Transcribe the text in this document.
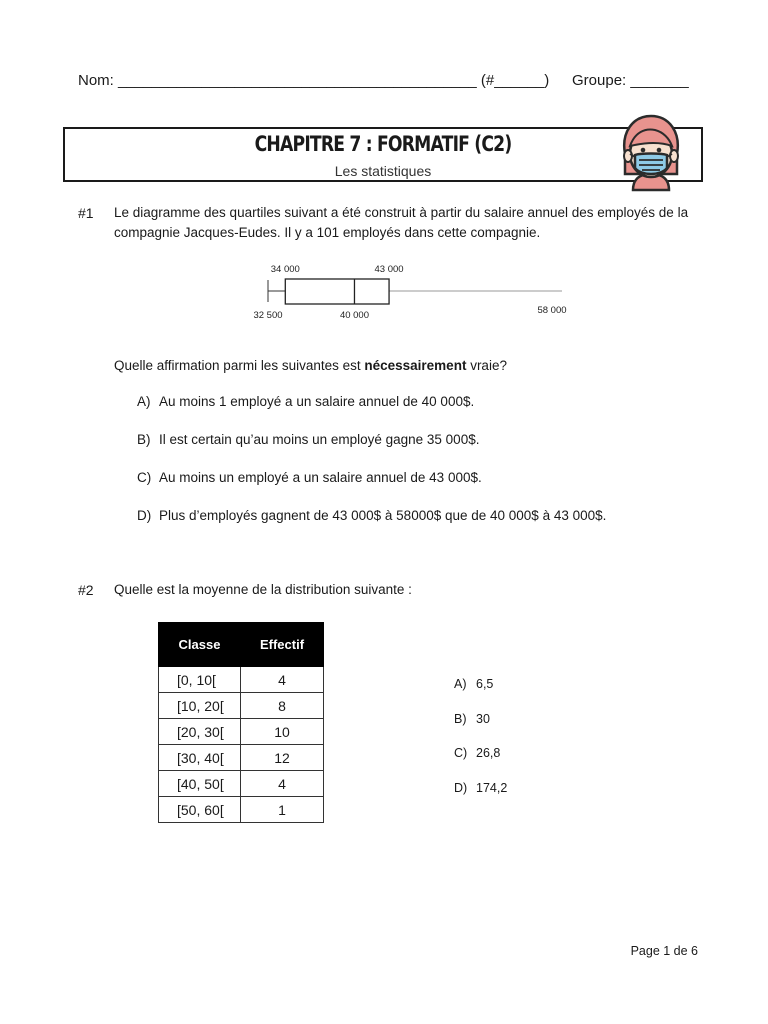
Nom: ___________________________________________ (#______) Groupe: _______
CHAPITRE 7 : FORMATIF (C2)
Les statistiques
#1 Le diagramme des quartiles suivant a été construit à partir du salaire annuel des employés de la compagnie Jacques-Eudes. Il y a 101 employés dans cette compagnie.
34 000	43 000
32 500	40 000	58 000
Quelle affirmation parmi les suivantes est nécessairement vraie?
A) Au moins 1 employé a un salaire annuel de 40 000$.
B) Il est certain qu’au moins un employé gagne 35 000$.
C) Au moins un employé a un salaire annuel de 43 000$.
D) Plus d’employés gagnent de 43 000$ à 58000$ que de 40 000$ à 43 000$.
#2 Quelle est la moyenne de la distribution suivante :
Classe	Effectif
[0, 10[	4
[10, 20[	8
[20, 30[	10
[30, 40[	12
[40, 50[	4
[50, 60[	1
A) 6,5
B) 30
C) 26,8
D) 174,2
Page 1 de 6
